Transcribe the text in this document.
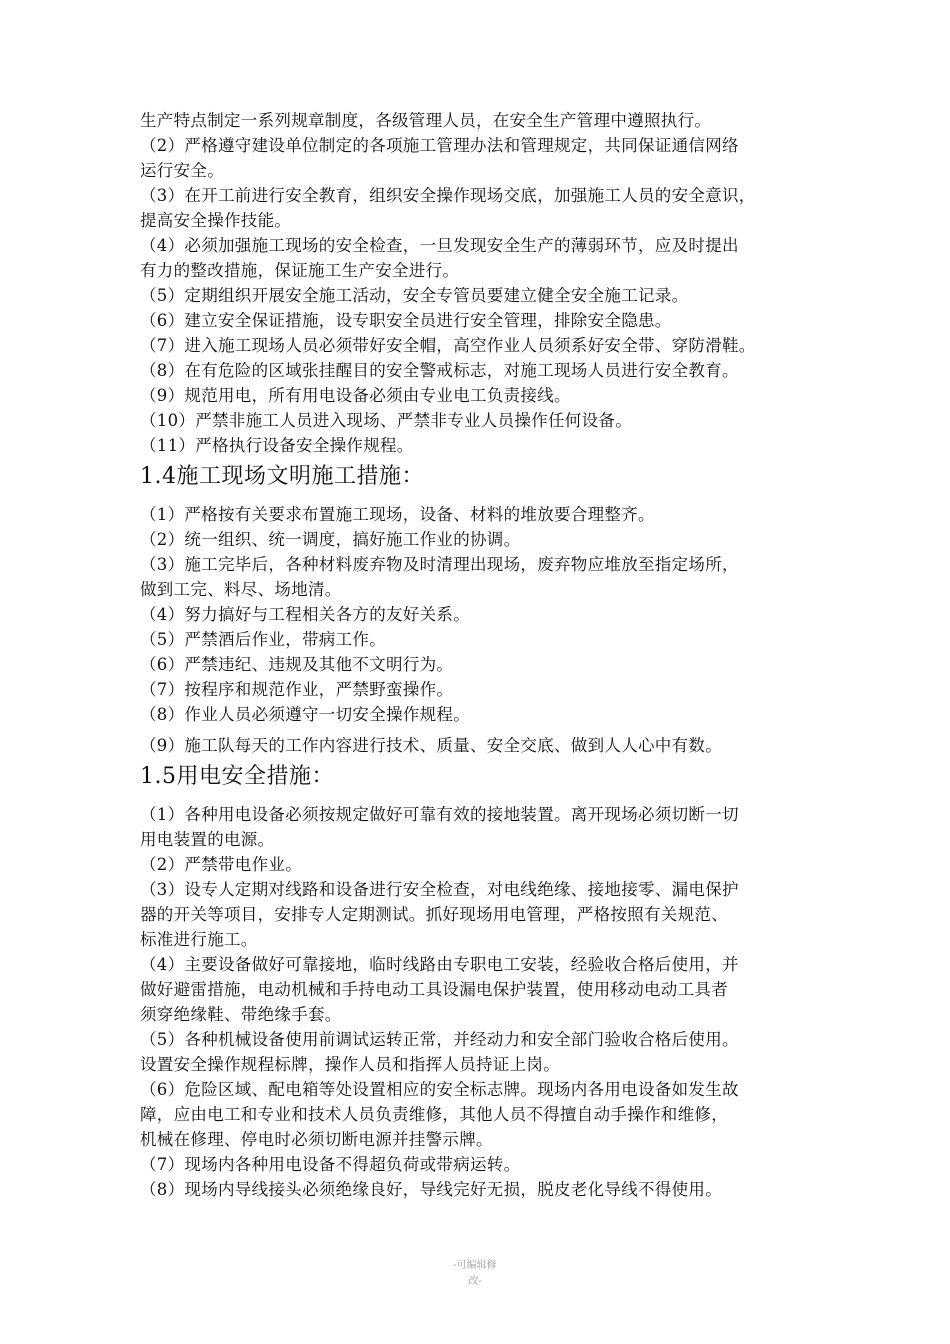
生产特点制定一系列规章制度，各级管理人员，在安全生产管理中遵照执行。
（2）严格遵守建设单位制定的各项施工管理办法和管理规定，共同保证通信网络
运行安全。
（3）在开工前进行安全教育，组织安全操作现场交底，加强施工人员的安全意识，
提高安全操作技能。
（4）必须加强施工现场的安全检查，一旦发现安全生产的薄弱环节，应及时提出
有力的整改措施，保证施工生产安全进行。
（5）定期组织开展安全施工活动，安全专管员要建立健全安全施工记录。
（6）建立安全保证措施，设专职安全员进行安全管理，排除安全隐患。
（7）进入施工现场人员必须带好安全帽，高空作业人员须系好安全带、穿防滑鞋。
（8）在有危险的区域张挂醒目的安全警戒标志，对施工现场人员进行安全教育。
（9）规范用电，所有用电设备必须由专业电工负责接线。
（10）严禁非施工人员进入现场、严禁非专业人员操作任何设备。
（11）严格执行设备安全操作规程。
1.4施工现场文明施工措施：
（1）严格按有关要求布置施工现场，设备、材料的堆放要合理整齐。
（2）统一组织、统一调度，搞好施工作业的协调。
（3）施工完毕后，各种材料废弃物及时清理出现场，废弃物应堆放至指定场所，
做到工完、料尽、场地清。
（4）努力搞好与工程相关各方的友好关系。
（5）严禁酒后作业，带病工作。
（6）严禁违纪、违规及其他不文明行为。
（7）按程序和规范作业，严禁野蛮操作。
（8）作业人员必须遵守一切安全操作规程。
（9）施工队每天的工作内容进行技术、质量、安全交底、做到人人心中有数。
1.5用电安全措施：
（1）各种用电设备必须按规定做好可靠有效的接地装置。离开现场必须切断一切
用电装置的电源。
（2）严禁带电作业。
（3）设专人定期对线路和设备进行安全检查，对电线绝缘、接地接零、漏电保护
器的开关等项目，安排专人定期测试。抓好现场用电管理，严格按照有关规范、
标准进行施工。
（4）主要设备做好可靠接地，临时线路由专职电工安装，经验收合格后使用，并
做好避雷措施，电动机械和手持电动工具设漏电保护装置，使用移动电动工具者
须穿绝缘鞋、带绝缘手套。
（5）各种机械设备使用前调试运转正常，并经动力和安全部门验收合格后使用。
设置安全操作规程标牌，操作人员和指挥人员持证上岗。
（6）危险区域、配电箱等处设置相应的安全标志牌。现场内各用电设备如发生故
障，应由电工和专业和技术人员负责维修，其他人员不得擅自动手操作和维修，
机械在修理、停电时必须切断电源并挂警示牌。
（7）现场内各种用电设备不得超负荷或带病运转。
（8）现场内导线接头必须绝缘良好，导线完好无损，脱皮老化导线不得使用。
-可编辑修
改-
